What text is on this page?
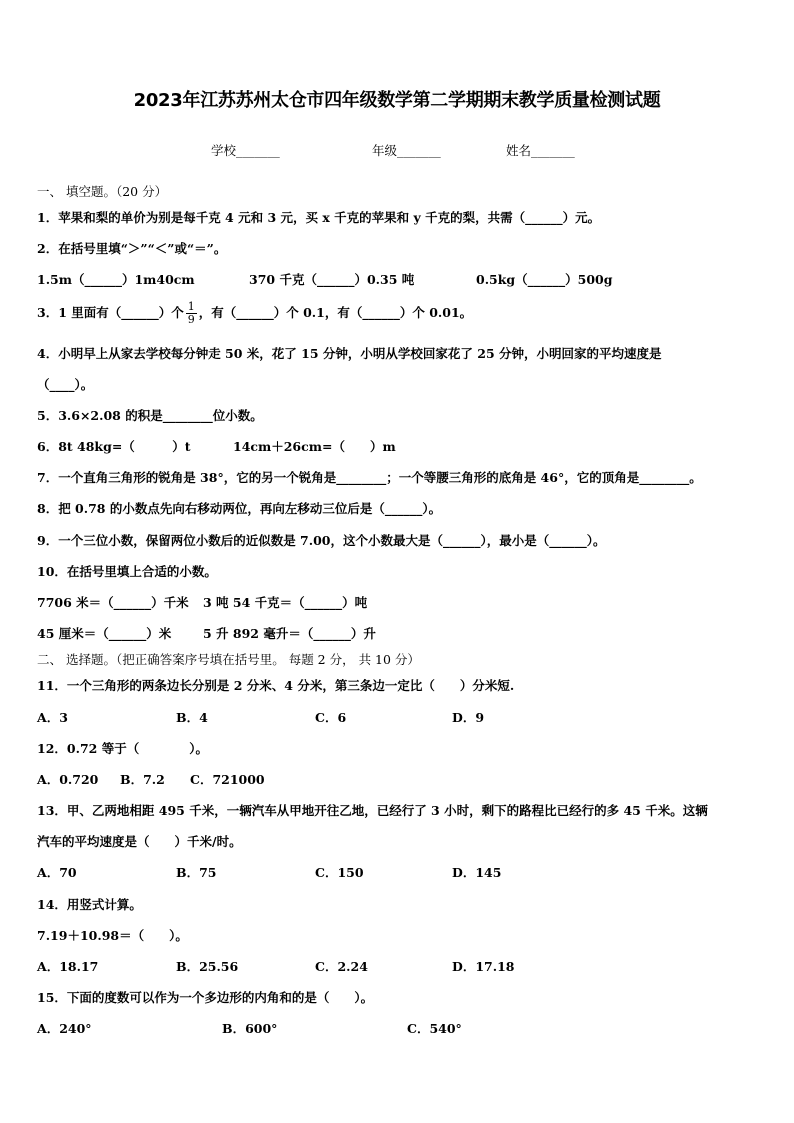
2023年江苏苏州太仓市四年级数学第二学期期末教学质量检测试题
学校_______	年级_______	姓名_______
一、 填空题。（20 分）
1．苹果和梨的单价为别是每千克 4 元和 3 元，买 x 千克的苹果和 y 千克的梨，共需（______）元。
2．在括号里填“＞”“＜”或“＝”。
1.5m（______）1m40cm	370 千克（______）0.35 吨	0.5kg（______）500g
3．1 里面有（______）个 $\frac{1}{9}$ ，有（______）个 0.1，有（______）个 0.01。
4．小明早上从家去学校每分钟走 50 米，花了 15 分钟，小明从学校回家花了 25 分钟，小明回家的平均速度是
（____）。
5．3.6×2.08 的积是________位小数。
6．8t 48kg=（　　　）t	14cm＋26cm=（　　）m
7．一个直角三角形的锐角是 38°，它的另一个锐角是________；一个等腰三角形的底角是 46°，它的顶角是________。
8．把 0.78 的小数点先向右移动两位，再向左移动三位后是（______）。
9．一个三位小数，保留两位小数后的近似数是 7.00，这个小数最大是（______），最小是（______）。
10．在括号里填上合适的小数。
7706 米＝（______）千米 3 吨 54 千克＝（______）吨
45 厘米＝（______）米	5 升 892 毫升＝（______）升
二、 选择题。（把正确答案序号填在括号里。 每题 2 分， 共 10 分）
11．一个三角形的两条边长分别是 2 分米、4 分米，第三条边一定比（　　）分米短.
A．3	B．4	C．6	D．9
12．0.72 等于（　　　　）。
A．0.720 B．7.2 C．721000
13．甲、乙两地相距 495 千米，一辆汽车从甲地开往乙地，已经行了 3 小时，剩下的路程比已经行的多 45 千米。这辆
汽车的平均速度是（　　）千米/时。
A．70	B．75	C．150	D．145
14．用竖式计算。
7.19＋10.98＝（　　）。
A．18.17	B．25.56	C．2.24	D．17.18
15．下面的度数可以作为一个多边形的内角和的是（　　）。
A．240°	B．600°	C．540°
